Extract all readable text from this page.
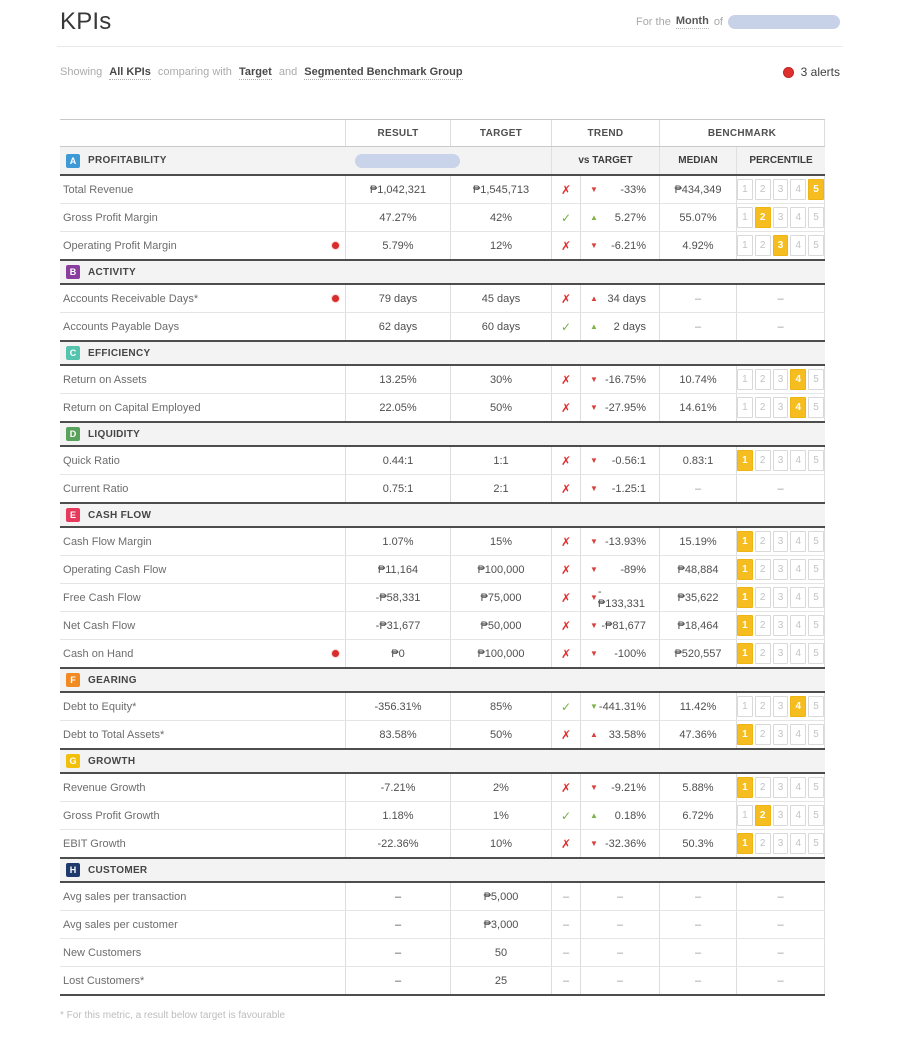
KPIs	For the Month of
Showing All KPIs comparing with Target and Segmented Benchmark Group	3 alerts
RESULT	TARGET	TREND	BENCHMARK
A	PROFITABILITY	vs TARGET	MEDIAN	PERCENTILE
Total Revenue	₱1,042,321	₱1,545,713	✗ ▼ -33%	₱434,349	1	2	3	4	5
Gross Profit Margin	47.27%	42%	✓ ▲ 5.27%	55.07%	1	2	3	4	5
Operating Profit Margin	5.79%	12%	✗ ▼ -6.21%	4.92%	1	2	3	4	5
B	ACTIVITY
Accounts Receivable Days*	79 days	45 days	✗ ▲ 34 days	–	–
Accounts Payable Days	62 days	60 days	✓ ▲ 2 days	–	–
C	EFFICIENCY
Return on Assets	13.25%	30%	✗ ▼ -16.75%	10.74%	1	2	3	4	5
Return on Capital Employed	22.05%	50%	✗ ▼ -27.95%	14.61%	1	2	3	4	5
D	LIQUIDITY
Quick Ratio	0.44:1	1:1	✗ ▼ -0.56:1	0.83:1	1	2	3	4	5
Current Ratio	0.75:1	2:1	✗ ▼ -1.25:1	–	–
E	CASH FLOW
Cash Flow Margin	1.07%	15%	✗ ▼ -13.93%	15.19%	1	2	3	4	5
Operating Cash Flow	₱11,164	₱100,000	✗ ▼ -89%	₱48,884	1	2	3	4	5
Free Cash Flow	-₱58,331	₱75,000	✗ ▼ -₱133,331	₱35,622	1	2	3	4	5
Net Cash Flow	-₱31,677	₱50,000	✗ ▼ -₱81,677	₱18,464	1	2	3	4	5
Cash on Hand	₱0	₱100,000	✗ ▼ -100%	₱520,557	1	2	3	4	5
F	GEARING
Debt to Equity*	-356.31%	85%	✓ ▼ -441.31%	11.42%	1	2	3	4	5
Debt to Total Assets*	83.58%	50%	✗ ▲ 33.58%	47.36%	1	2	3	4	5
G	GROWTH
Revenue Growth	-7.21%	2%	✗ ▼ -9.21%	5.88%	1	2	3	4	5
Gross Profit Growth	1.18%	1%	✓ ▲ 0.18%	6.72%	1	2	3	4	5
EBIT Growth	-22.36%	10%	✗ ▼ -32.36%	50.3%	1	2	3	4	5
H	CUSTOMER
Avg sales per transaction	–	₱5,000	–	–	–	–
Avg sales per customer	–	₱3,000	–	–	–	–
New Customers	–	50	–	–	–	–
Lost Customers*	–	25	–	–	–	–
* For this metric, a result below target is favourable
